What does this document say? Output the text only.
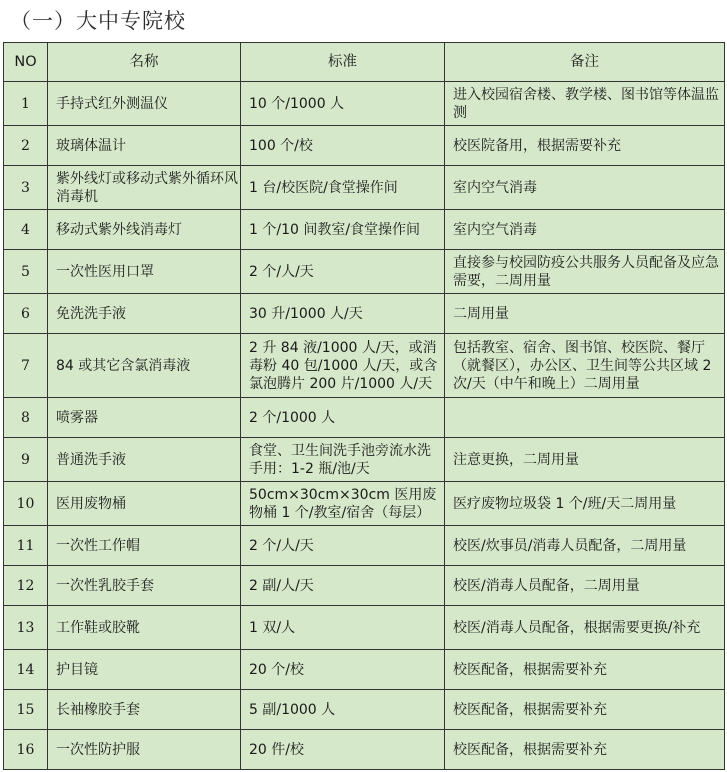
（一）大中专院校
NO	名称	标准	备注
1	手持式红外测温仪	10 个/1000 人	进入校园宿舍楼、教学楼、图书馆等体温监测
2	玻璃体温计	100 个/校	校医院备用，根据需要补充
3	紫外线灯或移动式紫外循环风消毒机	1 台/校医院/食堂操作间	室内空气消毒
4	移动式紫外线消毒灯	1 个/10 间教室/食堂操作间	室内空气消毒
5	一次性医用口罩	2 个/人/天	直接参与校园防疫公共服务人员配备及应急需要，二周用量
6	免洗洗手液	30 升/1000 人/天	二周用量
7	84 或其它含氯消毒液	2 升 84 液/1000 人/天，或消毒粉 40 包/1000 人/天，或含氯泡腾片 200 片/1000 人/天	包括教室、宿舍、图书馆、校医院、餐厅（就餐区），办公区、卫生间等公共区域 2 次/天（中午和晚上）二周用量
8	喷雾器	2 个/1000 人	
9	普通洗手液	食堂、卫生间洗手池旁流水洗手用：1-2 瓶/池/天	注意更换，二周用量
10	医用废物桶	50cm×30cm×30cm 医用废物桶 1 个/教室/宿舍（每层）	医疗废物垃圾袋 1 个/班/天二周用量
11	一次性工作帽	2 个/人/天	校医/炊事员/消毒人员配备，二周用量
12	一次性乳胶手套	2 副/人/天	校医/消毒人员配备，二周用量
13	工作鞋或胶靴	1 双/人	校医/消毒人员配备，根据需要更换/补充
14	护目镜	20 个/校	校医配备，根据需要补充
15	长袖橡胶手套	5 副/1000 人	校医配备，根据需要补充
16	一次性防护服	20 件/校	校医配备，根据需要补充
